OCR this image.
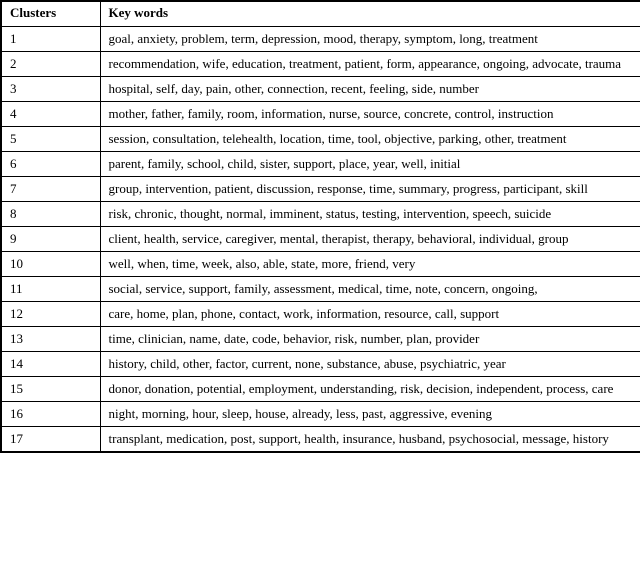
Clusters	Key words
1	goal, anxiety, problem, term, depression, mood, therapy, symptom, long, treatment
2	recommendation, wife, education, treatment, patient, form, appearance, ongoing, advocate, trauma
3	hospital, self, day, pain, other, connection, recent, feeling, side, number
4	mother, father, family, room, information, nurse, source, concrete, control, instruction
5	session, consultation, telehealth, location, time, tool, objective, parking, other, treatment
6	parent, family, school, child, sister, support, place, year, well, initial
7	group, intervention, patient, discussion, response, time, summary, progress, participant, skill
8	risk, chronic, thought, normal, imminent, status, testing, intervention, speech, suicide
9	client, health, service, caregiver, mental, therapist, therapy, behavioral, individual, group
10	well, when, time, week, also, able, state, more, friend, very
11	social, service, support, family, assessment, medical, time, note, concern, ongoing,
12	care, home, plan, phone, contact, work, information, resource, call, support
13	time, clinician, name, date, code, behavior, risk, number, plan, provider
14	history, child, other, factor, current, none, substance, abuse, psychiatric, year
15	donor, donation, potential, employment, understanding, risk, decision, independent, process, care
16	night, morning, hour, sleep, house, already, less, past, aggressive, evening
17	transplant, medication, post, support, health, insurance, husband, psychosocial, message, history
